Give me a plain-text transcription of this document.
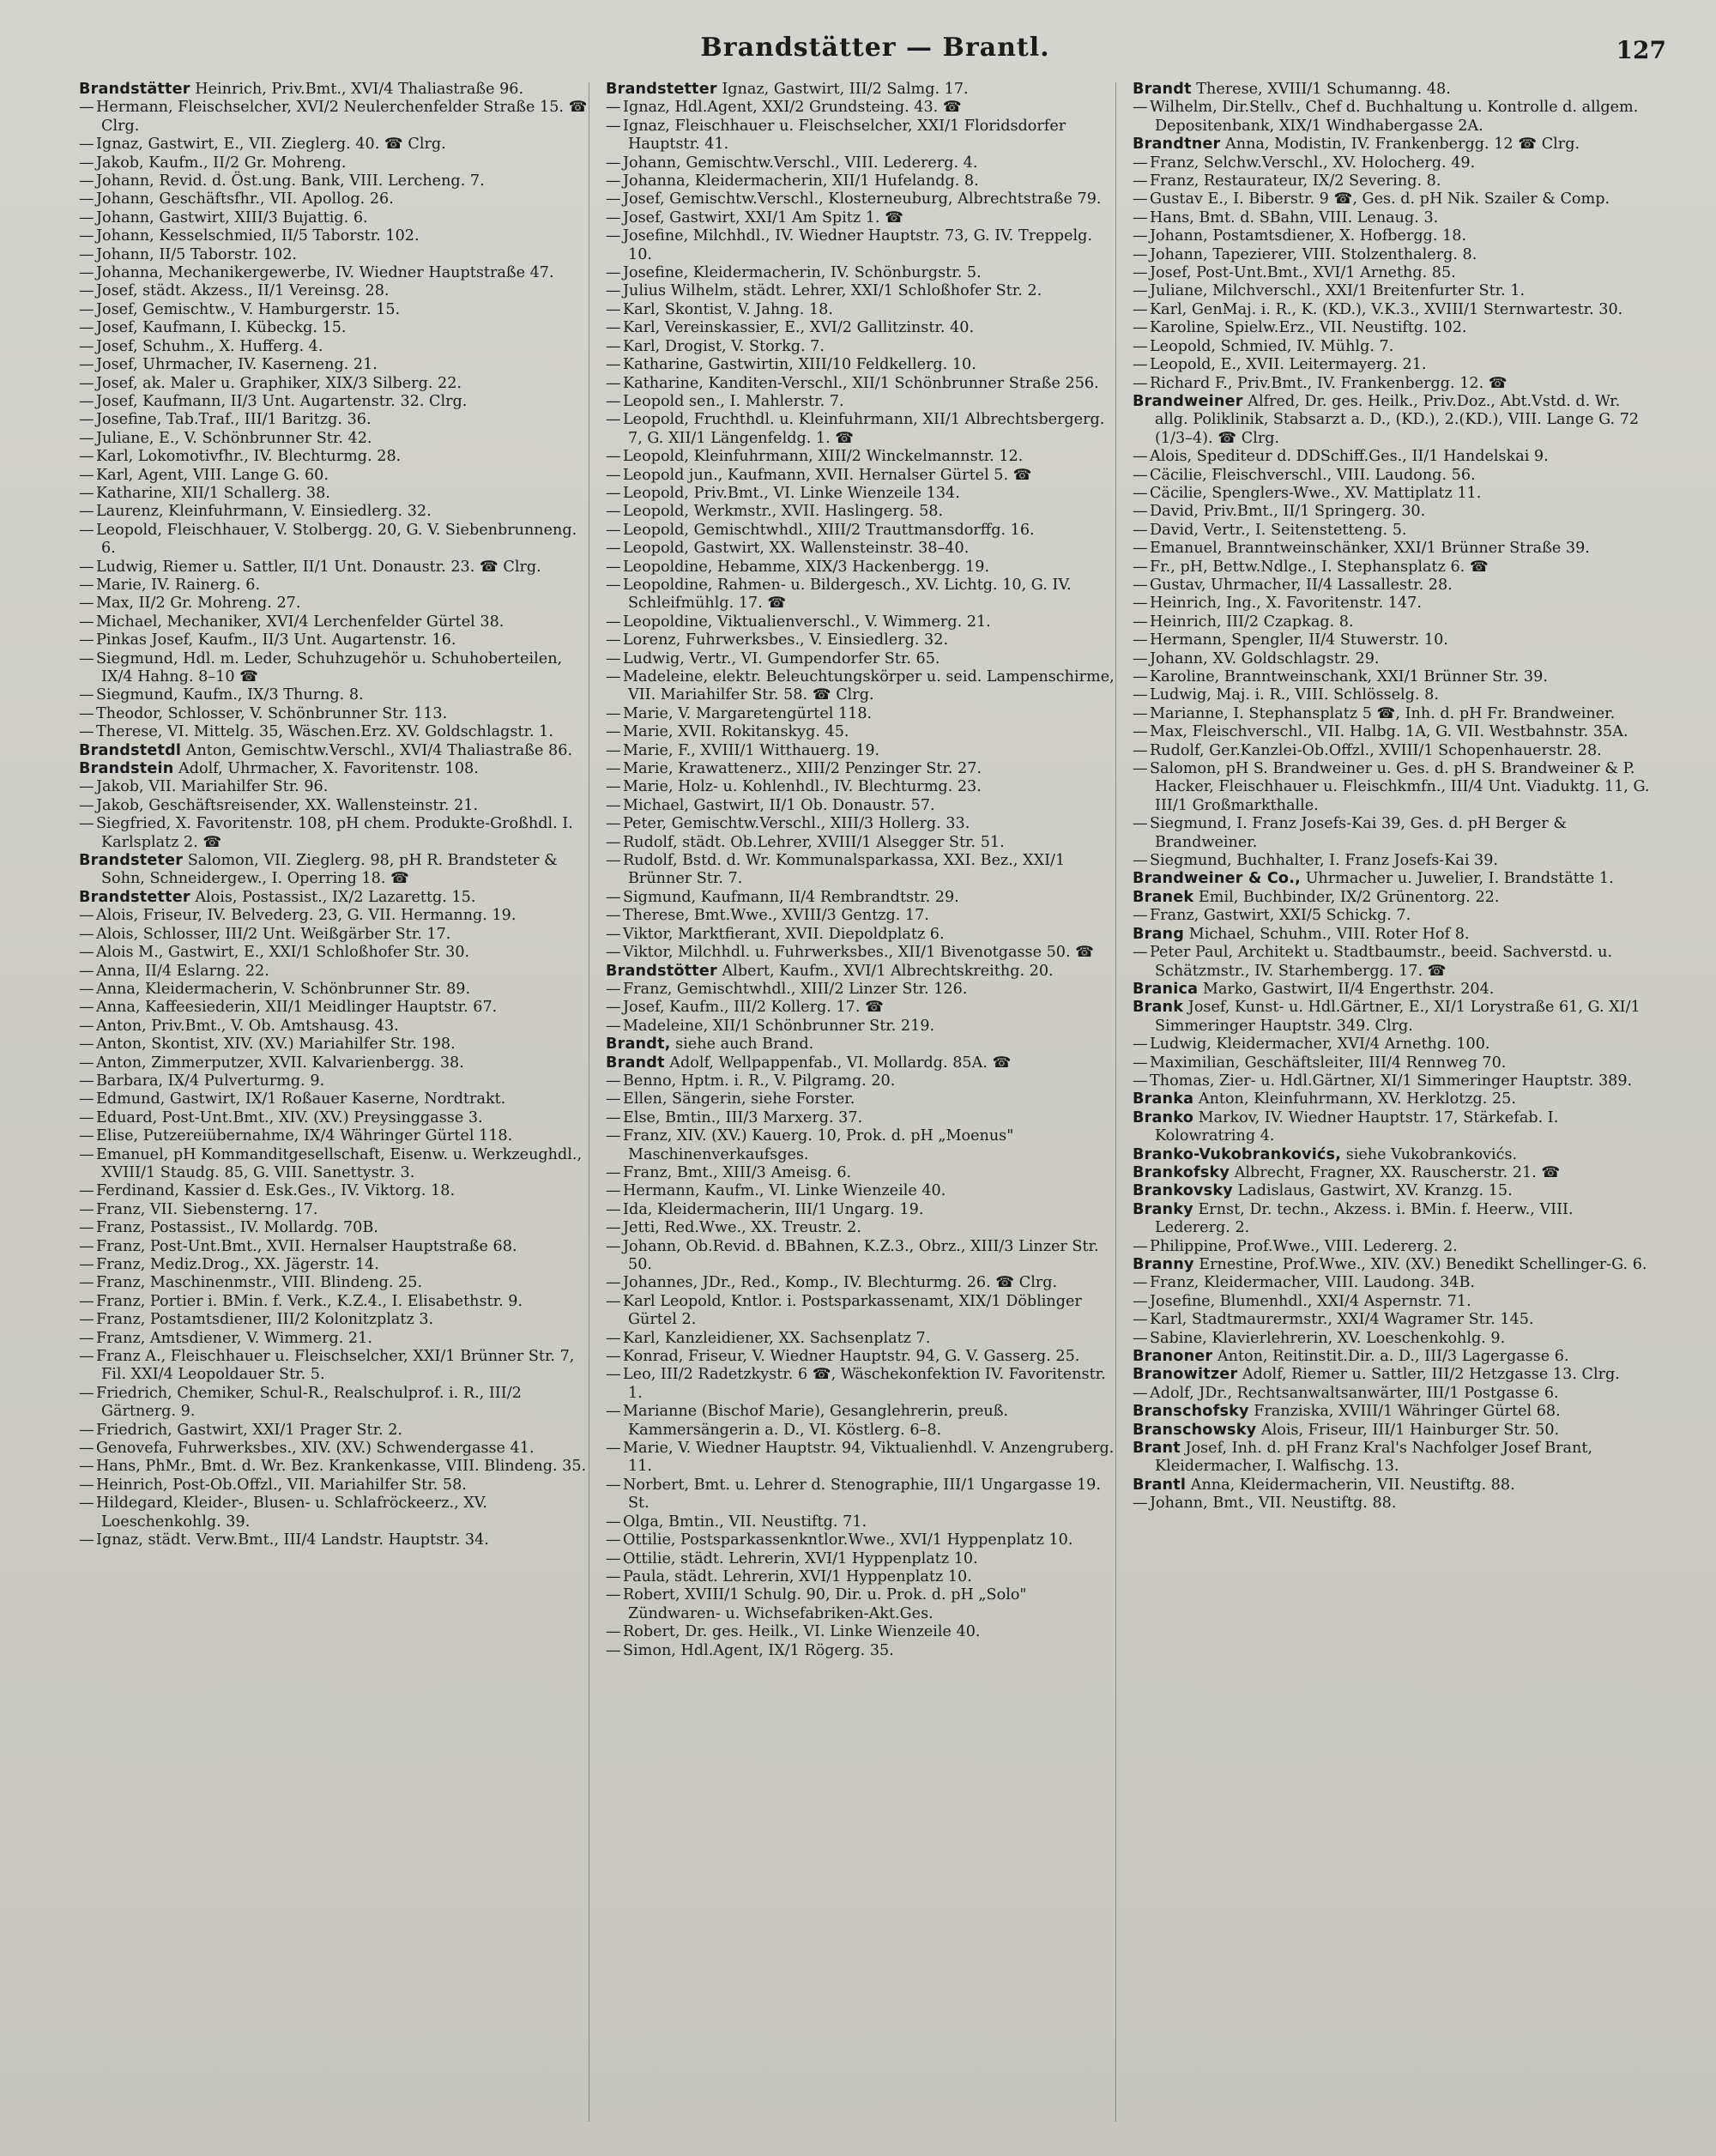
Brandstätter — Brantl.	127
Brandstätter Heinrich, Priv.Bmt., XVI/4 Thaliastraße 96.
— Hermann, Fleischselcher, XVI/2 Neulerchenfelder Straße 15. ☎ Clrg.
— Ignaz, Gastwirt, E., VII. Zieglerg. 40. ☎ Clrg.
— Jakob, Kaufm., II/2 Gr. Mohreng.
— Johann, Revid. d. Öst.ung. Bank, VIII. Lercheng. 7.
— Johann, Geschäftsfhr., VII. Apollog. 26.
— Johann, Gastwirt, XIII/3 Bujattig. 6.
— Johann, Kesselschmied, II/5 Taborstr. 102.
— Johann, II/5 Taborstr. 102.
— Johanna, Mechanikergewerbe, IV. Wiedner Hauptstraße 47.
— Josef, städt. Akzess., II/1 Vereinsg. 28.
— Josef, Gemischtw., V. Hamburgerstr. 15.
— Josef, Kaufmann, I. Kübeckg. 15.
— Josef, Schuhm., X. Hufferg. 4.
— Josef, Uhrmacher, IV. Kaserneng. 21.
— Josef, ak. Maler u. Graphiker, XIX/3 Silberg. 22.
— Josef, Kaufmann, II/3 Unt. Augartenstr. 32. Clrg.
— Josefine, Tab.Traf., III/1 Baritzg. 36.
— Juliane, E., V. Schönbrunner Str. 42.
— Karl, Lokomotivfhr., IV. Blechturmg. 28.
— Karl, Agent, VIII. Lange G. 60.
— Katharine, XII/1 Schallerg. 38.
— Laurenz, Kleinfuhrmann, V. Einsiedlerg. 32.
— Leopold, Fleischhauer, V. Stolbergg. 20, G. V. Siebenbrunneng. 6.
— Ludwig, Riemer u. Sattler, II/1 Unt. Donaustr. 23. ☎ Clrg.
— Marie, IV. Rainerg. 6.
— Max, II/2 Gr. Mohreng. 27.
— Michael, Mechaniker, XVI/4 Lerchenfelder Gürtel 38.
— Pinkas Josef, Kaufm., II/3 Unt. Augartenstr. 16.
— Siegmund, Hdl. m. Leder, Schuhzugehör u. Schuhoberteilen, IX/4 Hahng. 8–10 ☎
— Siegmund, Kaufm., IX/3 Thurng. 8.
— Theodor, Schlosser, V. Schönbrunner Str. 113.
— Therese, VI. Mittelg. 35, Wäschen.Erz. XV. Goldschlagstr. 1.
Brandstetdl Anton, Gemischtw.Verschl., XVI/4 Thaliastraße 86.
Brandstein Adolf, Uhrmacher, X. Favoritenstr. 108.
— Jakob, VII. Mariahilfer Str. 96.
— Jakob, Geschäftsreisender, XX. Wallensteinstr. 21.
— Siegfried, X. Favoritenstr. 108, pH chem. Produkte-Großhdl. I. Karlsplatz 2. ☎
Brandsteter Salomon, VII. Zieglerg. 98, pH R. Brandsteter & Sohn, Schneidergew., I. Operring 18. ☎
Brandstetter Alois, Postassist., IX/2 Lazarettg. 15.
— Alois, Friseur, IV. Belvederg. 23, G. VII. Hermanng. 19.
— Alois, Schlosser, III/2 Unt. Weißgärber Str. 17.
— Alois M., Gastwirt, E., XXI/1 Schloßhofer Str. 30.
— Anna, II/4 Eslarng. 22.
— Anna, Kleidermacherin, V. Schönbrunner Str. 89.
— Anna, Kaffeesiederin, XII/1 Meidlinger Hauptstr. 67.
— Anton, Priv.Bmt., V. Ob. Amtshausg. 43.
— Anton, Skontist, XIV. (XV.) Mariahilfer Str. 198.
— Anton, Zimmerputzer, XVII. Kalvarienbergg. 38.
— Barbara, IX/4 Pulverturmg. 9.
— Edmund, Gastwirt, IX/1 Roßauer Kaserne, Nordtrakt.
— Eduard, Post-Unt.Bmt., XIV. (XV.) Preysinggasse 3.
— Elise, Putzereiübernahme, IX/4 Währinger Gürtel 118.
— Emanuel, pH Kommanditgesellschaft, Eisenw. u. Werkzeughdl., XVIII/1 Staudg. 85, G. VIII. Sanettystr. 3.
— Ferdinand, Kassier d. Esk.Ges., IV. Viktorg. 18.
— Franz, VII. Siebensterng. 17.
— Franz, Postassist., IV. Mollardg. 70B.
— Franz, Post-Unt.Bmt., XVII. Hernalser Hauptstraße 68.
— Franz, Mediz.Drog., XX. Jägerstr. 14.
— Franz, Maschinenmstr., VIII. Blindeng. 25.
— Franz, Portier i. BMin. f. Verk., K.Z.4., I. Elisabethstr. 9.
— Franz, Postamtsdiener, III/2 Kolonitzplatz 3.
— Franz, Amtsdiener, V. Wimmerg. 21.
— Franz A., Fleischhauer u. Fleischselcher, XXI/1 Brünner Str. 7, Fil. XXI/4 Leopoldauer Str. 5.
— Friedrich, Chemiker, Schul-R., Realschulprof. i. R., III/2 Gärtnerg. 9.
— Friedrich, Gastwirt, XXI/1 Prager Str. 2.
— Genovefa, Fuhrwerksbes., XIV. (XV.) Schwendergasse 41.
— Hans, PhMr., Bmt. d. Wr. Bez. Krankenkasse, VIII. Blindeng. 35.
— Heinrich, Post-Ob.Offzl., VII. Mariahilfer Str. 58.
— Hildegard, Kleider-, Blusen- u. Schlafröckeerz., XV. Loeschenkohlg. 39.
— Ignaz, städt. Verw.Bmt., III/4 Landstr. Hauptstr. 34.
Brandstetter Ignaz, Gastwirt, III/2 Salmg. 17.
— Ignaz, Hdl.Agent, XXI/2 Grundsteing. 43. ☎
— Ignaz, Fleischhauer u. Fleischselcher, XXI/1 Floridsdorfer Hauptstr. 41.
— Johann, Gemischtw.Verschl., VIII. Ledererg. 4.
— Johanna, Kleidermacherin, XII/1 Hufelandg. 8.
— Josef, Gemischtw.Verschl., Klosterneuburg, Albrechtstraße 79.
— Josef, Gastwirt, XXI/1 Am Spitz 1. ☎
— Josefine, Milchhdl., IV. Wiedner Hauptstr. 73, G. IV. Treppelg. 10.
— Josefine, Kleidermacherin, IV. Schönburgstr. 5.
— Julius Wilhelm, städt. Lehrer, XXI/1 Schloßhofer Str. 2.
— Karl, Skontist, V. Jahng. 18.
— Karl, Vereinskassier, E., XVI/2 Gallitzinstr. 40.
— Karl, Drogist, V. Storkg. 7.
— Katharine, Gastwirtin, XIII/10 Feldkellerg. 10.
— Katharine, Kanditen-Verschl., XII/1 Schönbrunner Straße 256.
— Leopold sen., I. Mahlerstr. 7.
— Leopold, Fruchthdl. u. Kleinfuhrmann, XII/1 Albrechtsbergerg. 7, G. XII/1 Längenfeldg. 1. ☎
— Leopold, Kleinfuhrmann, XIII/2 Winckelmannstr. 12.
— Leopold jun., Kaufmann, XVII. Hernalser Gürtel 5. ☎
— Leopold, Priv.Bmt., VI. Linke Wienzeile 134.
— Leopold, Werkmstr., XVII. Haslingerg. 58.
— Leopold, Gemischtwhdl., XIII/2 Trauttmansdorffg. 16.
— Leopold, Gastwirt, XX. Wallensteinstr. 38–40.
— Leopoldine, Hebamme, XIX/3 Hackenbergg. 19.
— Leopoldine, Rahmen- u. Bildergesch., XV. Lichtg. 10, G. IV. Schleifmühlg. 17. ☎
— Leopoldine, Viktualienverschl., V. Wimmerg. 21.
— Lorenz, Fuhrwerksbes., V. Einsiedlerg. 32.
— Ludwig, Vertr., VI. Gumpendorfer Str. 65.
— Madeleine, elektr. Beleuchtungskörper u. seid. Lampenschirme, VII. Mariahilfer Str. 58. ☎ Clrg.
— Marie, V. Margaretengürtel 118.
— Marie, XVII. Rokitanskyg. 45.
— Marie, F., XVIII/1 Witthauerg. 19.
— Marie, Krawattenerz., XIII/2 Penzinger Str. 27.
— Marie, Holz- u. Kohlenhdl., IV. Blechturmg. 23.
— Michael, Gastwirt, II/1 Ob. Donaustr. 57.
— Peter, Gemischtw.Verschl., XIII/3 Hollerg. 33.
— Rudolf, städt. Ob.Lehrer, XVIII/1 Alsegger Str. 51.
— Rudolf, Bstd. d. Wr. Kommunalsparkassa, XXI. Bez., XXI/1 Brünner Str. 7.
— Sigmund, Kaufmann, II/4 Rembrandtstr. 29.
— Therese, Bmt.Wwe., XVIII/3 Gentzg. 17.
— Viktor, Marktfierant, XVII. Diepoldplatz 6.
— Viktor, Milchhdl. u. Fuhrwerksbes., XII/1 Bivenotgasse 50. ☎
Brandstötter Albert, Kaufm., XVI/1 Albrechtskreithg. 20.
— Franz, Gemischtwhdl., XIII/2 Linzer Str. 126.
— Josef, Kaufm., III/2 Kollerg. 17. ☎
— Madeleine, XII/1 Schönbrunner Str. 219.
Brandt, siehe auch Brand.
Brandt Adolf, Wellpappenfab., VI. Mollardg. 85A. ☎
— Benno, Hptm. i. R., V. Pilgramg. 20.
— Ellen, Sängerin, siehe Forster.
— Else, Bmtin., III/3 Marxerg. 37.
— Franz, XIV. (XV.) Kauerg. 10, Prok. d. pH „Moenus" Maschinenverkaufsges.
— Franz, Bmt., XIII/3 Ameisg. 6.
— Hermann, Kaufm., VI. Linke Wienzeile 40.
— Ida, Kleidermacherin, III/1 Ungarg. 19.
— Jetti, Red.Wwe., XX. Treustr. 2.
— Johann, Ob.Revid. d. BBahnen, K.Z.3., Obrz., XIII/3 Linzer Str. 50.
— Johannes, JDr., Red., Komp., IV. Blechturmg. 26. ☎ Clrg.
— Karl Leopold, Kntlor. i. Postsparkassenamt, XIX/1 Döblinger Gürtel 2.
— Karl, Kanzleidiener, XX. Sachsenplatz 7.
— Konrad, Friseur, V. Wiedner Hauptstr. 94, G. V. Gasserg. 25.
— Leo, III/2 Radetzkystr. 6 ☎, Wäschekonfektion IV. Favoritenstr. 1.
— Marianne (Bischof Marie), Gesanglehrerin, preuß. Kammersängerin a. D., VI. Köstlerg. 6–8.
— Marie, V. Wiedner Hauptstr. 94, Viktualienhdl. V. Anzengruberg. 11.
— Norbert, Bmt. u. Lehrer d. Stenographie, III/1 Ungargasse 19. St.
— Olga, Bmtin., VII. Neustiftg. 71.
— Ottilie, Postsparkassenkntlor.Wwe., XVI/1 Hyppenplatz 10.
— Ottilie, städt. Lehrerin, XVI/1 Hyppenplatz 10.
— Paula, städt. Lehrerin, XVI/1 Hyppenplatz 10.
— Robert, XVIII/1 Schulg. 90, Dir. u. Prok. d. pH „Solo" Zündwaren- u. Wichsefabriken-Akt.Ges.
— Robert, Dr. ges. Heilk., VI. Linke Wienzeile 40.
— Simon, Hdl.Agent, IX/1 Rögerg. 35.
Brandt Therese, XVIII/1 Schumanng. 48.
— Wilhelm, Dir.Stellv., Chef d. Buchhaltung u. Kontrolle d. allgem. Depositenbank, XIX/1 Windhabergasse 2A.
Brandtner Anna, Modistin, IV. Frankenbergg. 12 ☎ Clrg.
— Franz, Selchw.Verschl., XV. Holocherg. 49.
— Franz, Restaurateur, IX/2 Severing. 8.
— Gustav E., I. Biberstr. 9 ☎, Ges. d. pH Nik. Szailer & Comp.
— Hans, Bmt. d. SBahn, VIII. Lenaug. 3.
— Johann, Postamtsdiener, X. Hofbergg. 18.
— Johann, Tapezierer, VIII. Stolzenthalerg. 8.
— Josef, Post-Unt.Bmt., XVI/1 Arnethg. 85.
— Juliane, Milchverschl., XXI/1 Breitenfurter Str. 1.
— Karl, GenMaj. i. R., K. (KD.), V.K.3., XVIII/1 Sternwartestr. 30.
— Karoline, Spielw.Erz., VII. Neustiftg. 102.
— Leopold, Schmied, IV. Mühlg. 7.
— Leopold, E., XVII. Leitermayerg. 21.
— Richard F., Priv.Bmt., IV. Frankenbergg. 12. ☎
Brandweiner Alfred, Dr. ges. Heilk., Priv.Doz., Abt.Vstd. d. Wr. allg. Poliklinik, Stabsarzt a. D., (KD.), 2.(KD.), VIII. Lange G. 72 (1/3–4). ☎ Clrg.
— Alois, Spediteur d. DDSchiff.Ges., II/1 Handelskai 9.
— Cäcilie, Fleischverschl., VIII. Laudong. 56.
— Cäcilie, Spenglers-Wwe., XV. Mattiplatz 11.
— David, Priv.Bmt., II/1 Springerg. 30.
— David, Vertr., I. Seitenstetteng. 5.
— Emanuel, Branntweinschänker, XXI/1 Brünner Straße 39.
— Fr., pH, Bettw.Ndlge., I. Stephansplatz 6. ☎
— Gustav, Uhrmacher, II/4 Lassallestr. 28.
— Heinrich, Ing., X. Favoritenstr. 147.
— Heinrich, III/2 Czapkag. 8.
— Hermann, Spengler, II/4 Stuwerstr. 10.
— Johann, XV. Goldschlagstr. 29.
— Karoline, Branntweinschank, XXI/1 Brünner Str. 39.
— Ludwig, Maj. i. R., VIII. Schlösselg. 8.
— Marianne, I. Stephansplatz 5 ☎, Inh. d. pH Fr. Brandweiner.
— Max, Fleischverschl., VII. Halbg. 1A, G. VII. Westbahnstr. 35A.
— Rudolf, Ger.Kanzlei-Ob.Offzl., XVIII/1 Schopenhauerstr. 28.
— Salomon, pH S. Brandweiner u. Ges. d. pH S. Brandweiner & P. Hacker, Fleischhauer u. Fleischkmfn., III/4 Unt. Viaduktg. 11, G. III/1 Großmarkthalle.
— Siegmund, I. Franz Josefs-Kai 39, Ges. d. pH Berger & Brandweiner.
— Siegmund, Buchhalter, I. Franz Josefs-Kai 39.
Brandweiner & Co., Uhrmacher u. Juwelier, I. Brandstätte 1.
Branek Emil, Buchbinder, IX/2 Grünentorg. 22.
— Franz, Gastwirt, XXI/5 Schickg. 7.
Brang Michael, Schuhm., VIII. Roter Hof 8.
— Peter Paul, Architekt u. Stadtbaumstr., beeid. Sachverstd. u. Schätzmstr., IV. Starhembergg. 17. ☎
Branica Marko, Gastwirt, II/4 Engerthstr. 204.
Brank Josef, Kunst- u. Hdl.Gärtner, E., XI/1 Lorystraße 61, G. XI/1 Simmeringer Hauptstr. 349. Clrg.
— Ludwig, Kleidermacher, XVI/4 Arnethg. 100.
— Maximilian, Geschäftsleiter, III/4 Rennweg 70.
— Thomas, Zier- u. Hdl.Gärtner, XI/1 Simmeringer Hauptstr. 389.
Branka Anton, Kleinfuhrmann, XV. Herklotzg. 25.
Branko Markov, IV. Wiedner Hauptstr. 17, Stärkefab. I. Kolowratring 4.
Branko-Vukobrankovićs, siehe Vukobrankovićs.
Brankofsky Albrecht, Fragner, XX. Rauscherstr. 21. ☎
Brankovsky Ladislaus, Gastwirt, XV. Kranzg. 15.
Branky Ernst, Dr. techn., Akzess. i. BMin. f. Heerw., VIII. Ledererg. 2.
— Philippine, Prof.Wwe., VIII. Ledererg. 2.
Branny Ernestine, Prof.Wwe., XIV. (XV.) Benedikt Schellinger-G. 6.
— Franz, Kleidermacher, VIII. Laudong. 34B.
— Josefine, Blumenhdl., XXI/4 Aspernstr. 71.
— Karl, Stadtmaurermstr., XXI/4 Wagramer Str. 145.
— Sabine, Klavierlehrerin, XV. Loeschenkohlg. 9.
Branoner Anton, Reitinstit.Dir. a. D., III/3 Lagergasse 6.
Branowitzer Adolf, Riemer u. Sattler, III/2 Hetzgasse 13. Clrg.
— Adolf, JDr., Rechtsanwaltsanwärter, III/1 Postgasse 6.
Branschofsky Franziska, XVIII/1 Währinger Gürtel 68.
Branschowsky Alois, Friseur, III/1 Hainburger Str. 50.
Brant Josef, Inh. d. pH Franz Kral's Nachfolger Josef Brant, Kleidermacher, I. Walfischg. 13.
Brantl Anna, Kleidermacherin, VII. Neustiftg. 88.
— Johann, Bmt., VII. Neustiftg. 88.
